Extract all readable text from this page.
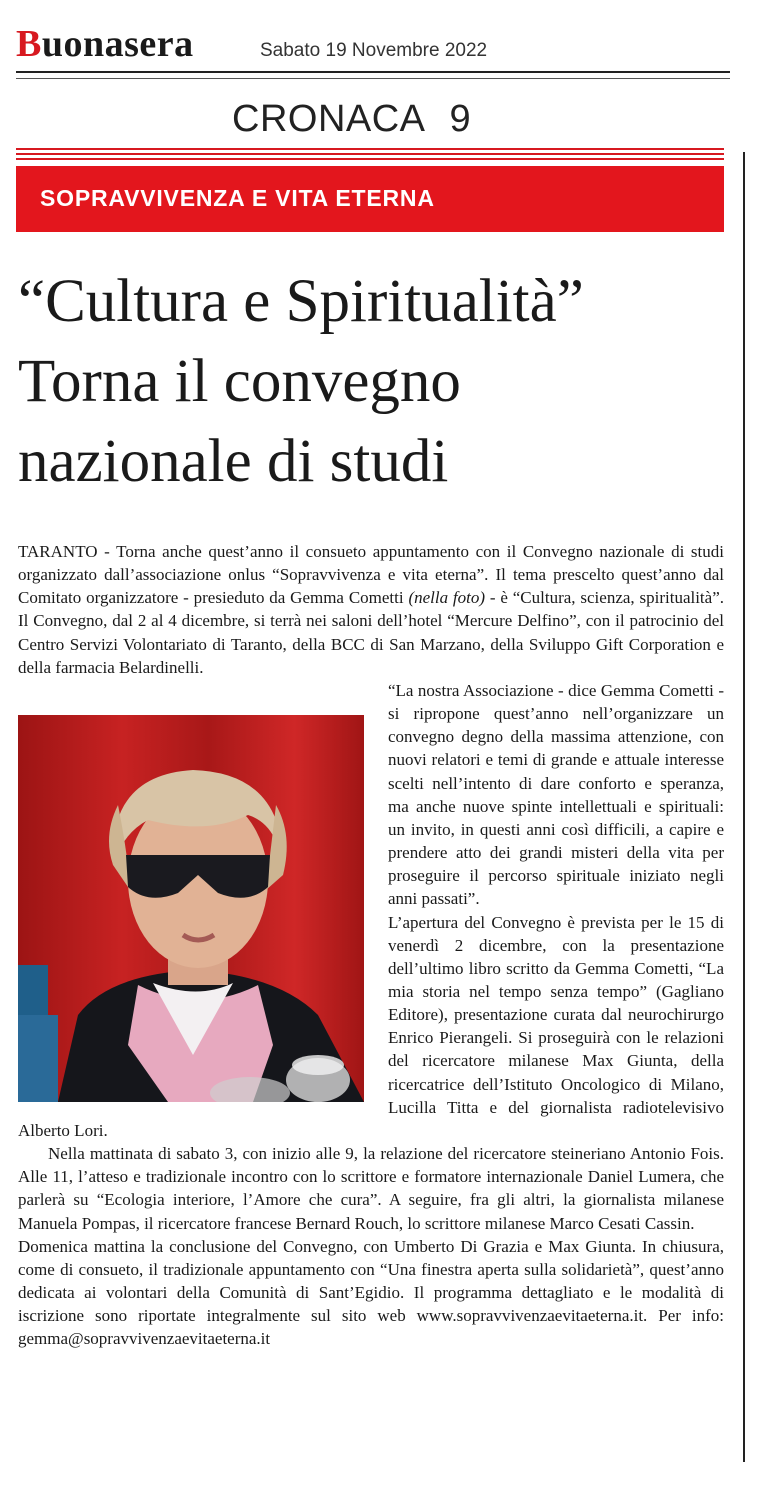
Buonasera	Sabato 19 Novembre 2022
CRONACA 9
SOPRAVVIVENZA E VITA ETERNA
“Cultura e Spiritualità”
Torna il convegno
nazionale di studi

TARANTO - Torna anche quest’anno il consueto appuntamento con il Convegno nazionale di studi organizzato dall’associazione onlus “Sopravvivenza e vita eterna”. Il tema prescelto quest’anno dal Comitato organizzatore - presieduto da Gemma Cometti (nella foto) - è “Cultura, scienza, spiritualità”. Il Convegno, dal 2 al 4 dicembre, si terrà nei saloni dell’hotel “Mercure Delfino”, con il patrocinio del Centro Servizi Volontariato di Taranto, della BCC di San Marzano, della Sviluppo Gift Corporation e della farmacia Belardinelli.

“La nostra Associazione - dice Gemma Cometti - si ripropone quest’anno nell’organizzare un convegno degno della massima attenzione, con nuovi relatori e temi di grande e attuale interesse scelti nell’intento di dare conforto e speranza, ma anche nuove spinte intellettuali e spirituali: un invito, in questi anni così difficili, a capire e prendere atto dei grandi misteri della vita per proseguire il percorso spirituale iniziato negli anni passati”.

L’apertura del Convegno è prevista per le 15 di venerdì 2 dicembre, con la presentazione dell’ultimo libro scritto da Gemma Cometti, “La mia storia nel tempo senza tempo” (Gagliano Editore), presentazione curata dal neurochirurgo Enrico Pierangeli. Si proseguirà con le relazioni del ricercatore milanese Max Giunta, della ricercatrice dell’Istituto Oncologico di Milano, Lucilla Titta e del giornalista radiotelevisivo Alberto Lori.

Nella mattinata di sabato 3, con inizio alle 9, la relazione del ricercatore steineriano Antonio Fois. Alle 11, l’atteso e tradizionale incontro con lo scrittore e formatore internazionale Daniel Lumera, che parlerà su “Ecologia interiore, l’Amore che cura”. A seguire, fra gli altri, la giornalista milanese Manuela Pompas, il ricercatore francese Bernard Rouch, lo scrittore milanese Marco Cesati Cassin.

Domenica mattina la conclusione del Convegno, con Umberto Di Grazia e Max Giunta. In chiusura, come di consueto, il tradizionale appuntamento con “Una finestra aperta sulla solidarietà”, quest’anno dedicata ai volontari della Comunità di Sant’Egidio. Il programma dettagliato e le modalità di iscrizione sono riportate integralmente sul sito web www.sopravvivenzaevitaeterna.it. Per info: gemma@sopravvivenzaevitaeterna.it
